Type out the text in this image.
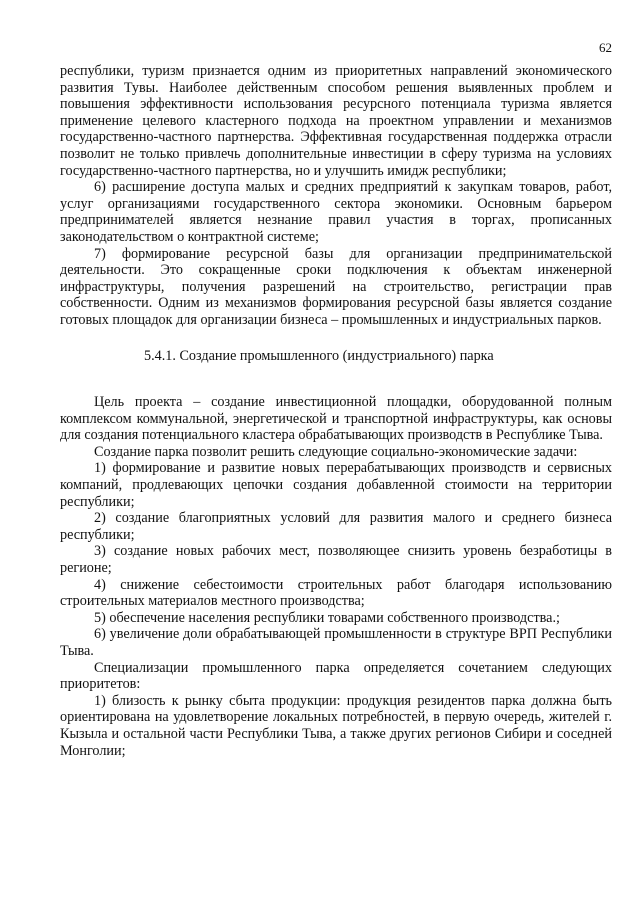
62

республики, туризм признается одним из приоритетных направлений экономического развития Тувы. Наиболее действенным способом решения выявленных проблем и повышения эффективности использования ресурсного потенциала туризма является применение целевого кластерного подхода на проектном управлении и механизмов государственно-частного партнерства. Эффективная государственная поддержка отрасли позволит не только привлечь дополнительные инвестиции в сферу туризма на условиях государственно-частного партнерства, но и улучшить имидж республики;

6) расширение доступа малых и средних предприятий к закупкам товаров, работ, услуг организациями государственного сектора экономики. Основным барьером предпринимателей является незнание правил участия в торгах, прописанных законодательством о контрактной системе;

7) формирование ресурсной базы для организации предпринимательской деятельности. Это сокращенные сроки подключения к объектам инженерной инфраструктуры, получения разрешений на строительство, регистрации прав собственности. Одним из механизмов формирования ресурсной базы является создание готовых площадок для организации бизнеса – промышленных и индустриальных парков.

5.4.1. Создание промышленного (индустриального) парка

Цель проекта – создание инвестиционной площадки, оборудованной полным комплексом коммунальной, энергетической и транспортной инфраструктуры, как основы для создания потенциального кластера обрабатывающих производств в Республике Тыва.

Создание парка позволит решить следующие социально-экономические задачи:

1) формирование и развитие новых перерабатывающих производств и сервисных компаний, продлевающих цепочки создания добавленной стоимости на территории республики;

2) создание благоприятных условий для развития малого и среднего бизнеса республики;

3) создание новых рабочих мест, позволяющее снизить уровень безработицы в регионе;

4) снижение себестоимости строительных работ благодаря использованию строительных материалов местного производства;

5) обеспечение населения республики товарами собственного производства.;

6) увеличение доли обрабатывающей промышленности в структуре ВРП Республики Тыва.

Специализации промышленного парка определяется сочетанием следующих приоритетов:

1) близость к рынку сбыта продукции: продукция резидентов парка должна быть ориентирована на удовлетворение локальных потребностей, в первую очередь, жителей г. Кызыла и остальной части Республики Тыва, а также других регионов Сибири и соседней Монголии;
